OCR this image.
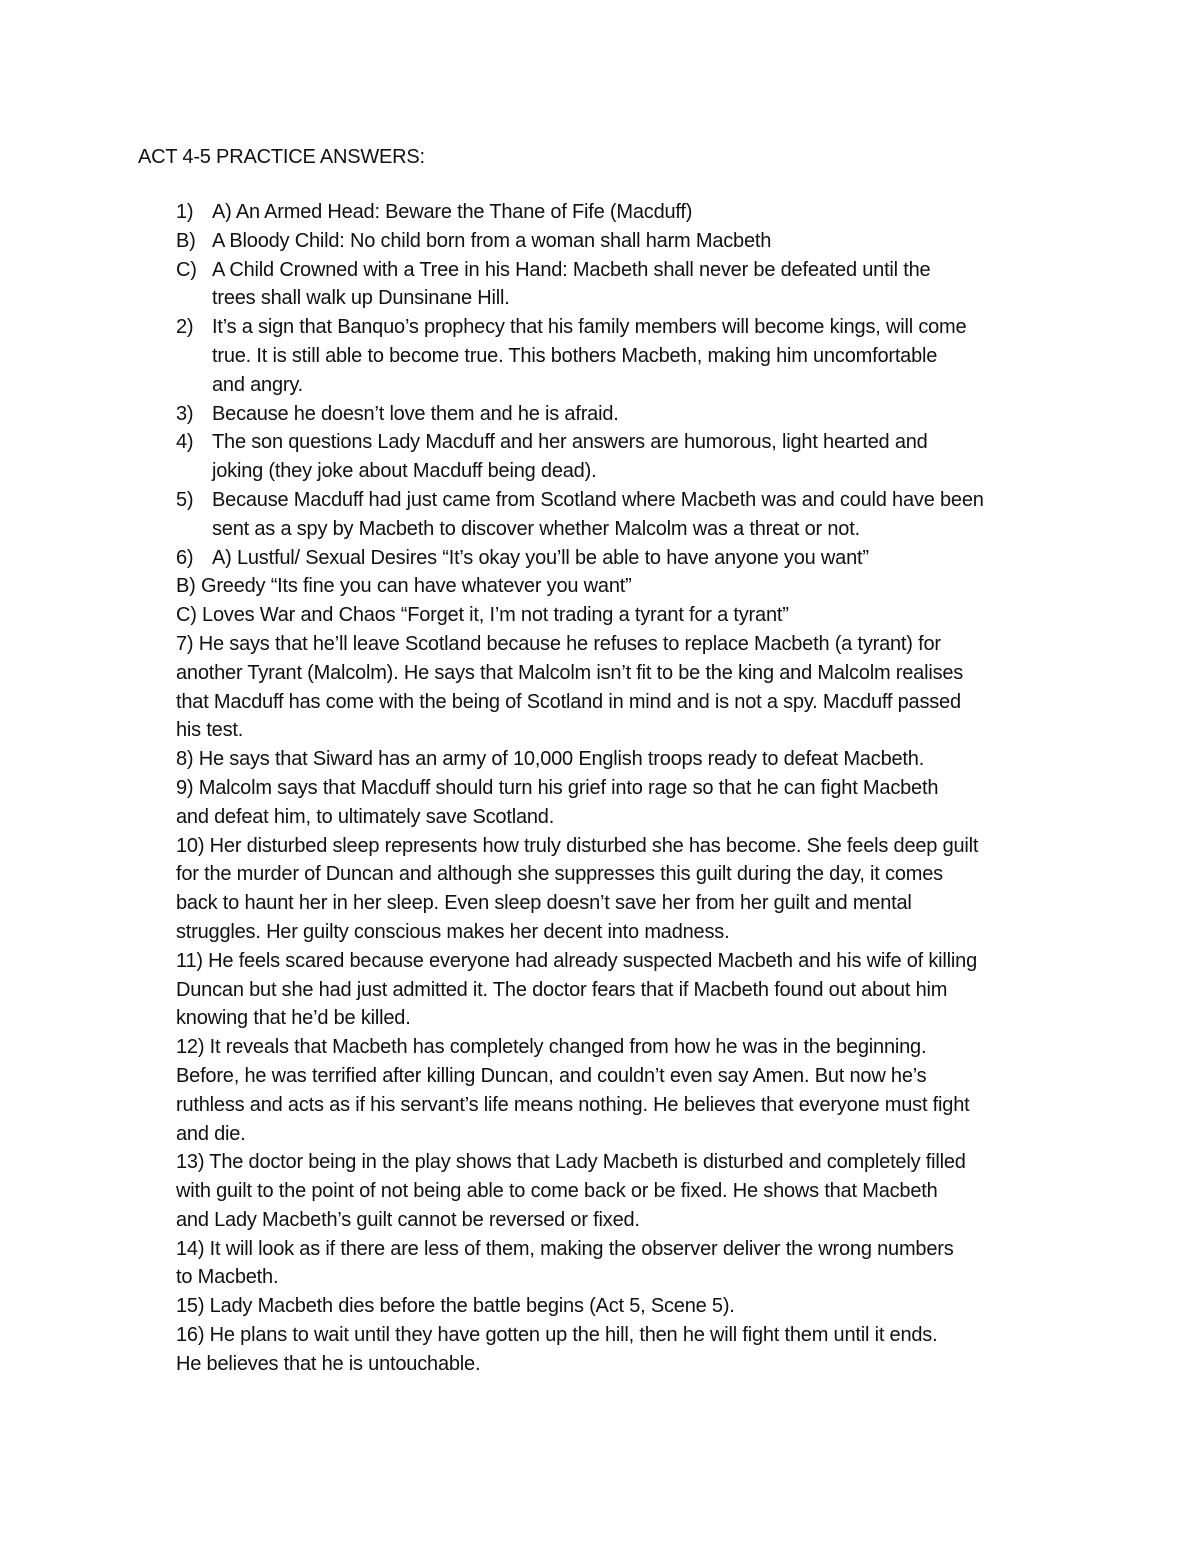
ACT 4-5 PRACTICE ANSWERS:
1) A) An Armed Head: Beware the Thane of Fife (Macduff)
B) A Bloody Child: No child born from a woman shall harm Macbeth
C) A Child Crowned with a Tree in his Hand: Macbeth shall never be defeated until the
trees shall walk up Dunsinane Hill.
2) It’s a sign that Banquo’s prophecy that his family members will become kings, will come
true. It is still able to become true. This bothers Macbeth, making him uncomfortable
and angry.
3) Because he doesn’t love them and he is afraid.
4) The son questions Lady Macduff and her answers are humorous, light hearted and
joking (they joke about Macduff being dead).
5) Because Macduff had just came from Scotland where Macbeth was and could have been
sent as a spy by Macbeth to discover whether Malcolm was a threat or not.
6) A) Lustful/ Sexual Desires “It’s okay you’ll be able to have anyone you want”
B) Greedy “Its fine you can have whatever you want”
C) Loves War and Chaos “Forget it, I’m not trading a tyrant for a tyrant”
7) He says that he’ll leave Scotland because he refuses to replace Macbeth (a tyrant) for
another Tyrant (Malcolm). He says that Malcolm isn’t fit to be the king and Malcolm realises
that Macduff has come with the being of Scotland in mind and is not a spy. Macduff passed
his test.
8) He says that Siward has an army of 10,000 English troops ready to defeat Macbeth.
9) Malcolm says that Macduff should turn his grief into rage so that he can fight Macbeth
and defeat him, to ultimately save Scotland.
10) Her disturbed sleep represents how truly disturbed she has become. She feels deep guilt
for the murder of Duncan and although she suppresses this guilt during the day, it comes
back to haunt her in her sleep. Even sleep doesn’t save her from her guilt and mental
struggles. Her guilty conscious makes her decent into madness.
11) He feels scared because everyone had already suspected Macbeth and his wife of killing
Duncan but she had just admitted it. The doctor fears that if Macbeth found out about him
knowing that he’d be killed.
12) It reveals that Macbeth has completely changed from how he was in the beginning.
Before, he was terrified after killing Duncan, and couldn’t even say Amen. But now he’s
ruthless and acts as if his servant’s life means nothing. He believes that everyone must fight
and die.
13) The doctor being in the play shows that Lady Macbeth is disturbed and completely filled
with guilt to the point of not being able to come back or be fixed. He shows that Macbeth
and Lady Macbeth’s guilt cannot be reversed or fixed.
14) It will look as if there are less of them, making the observer deliver the wrong numbers
to Macbeth.
15) Lady Macbeth dies before the battle begins (Act 5, Scene 5).
16) He plans to wait until they have gotten up the hill, then he will fight them until it ends.
He believes that he is untouchable.
